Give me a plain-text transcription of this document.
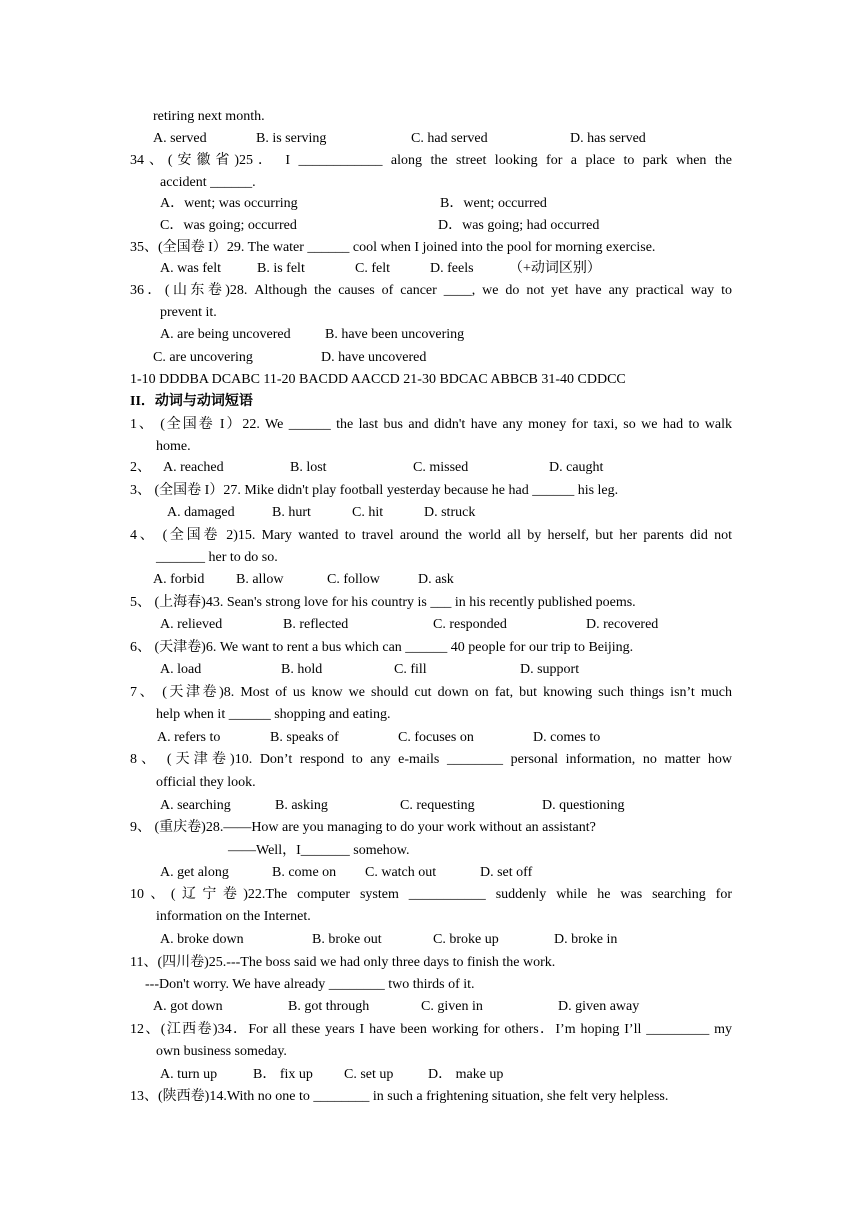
retiring next month.
A. served	B. is serving	C. had served	D. has served
34、(安徽省)25． I ____________ along the street looking for a place to park when the
accident ______.
A．went; was occurring	B．went; occurred
C．was going; occurred	D．was going; had occurred
35、(全国卷 I）29. The water ______ cool when I joined into the pool for morning exercise.
A. was felt	B. is felt	C. felt	D. feels	（+动词区别）
36．(山东卷)28. Although the causes of cancer ____, we do not yet have any practical way to
prevent it.
A. are being uncovered B. have been uncovering
C. are uncovering	D. have uncovered
1-10 DDDBA DCABC 11-20 BACDD AACCD 21-30 BDCAC ABBCB 31-40 CDDCC
II．动词与动词短语
1、 (全国卷 I）22. We ______ the last bus and didn't have any money for taxi, so we had to walk
home.
2、 A. reached	B. lost	C. missed	D. caught
3、 (全国卷 I）27. Mike didn't play football yesterday because he had ______ his leg.
A. damaged	B. hurt	C. hit	D. struck
4、 (全国卷 2)15. Mary wanted to travel around the world all by herself, but her parents did not
_______ her to do so.
A. forbid B. allow	C. follow	D. ask
5、 (上海春)43. Sean's strong love for his country is ___ in his recently published poems.
A. relieved	B. reflected	C. responded	D. recovered
6、 (天津卷)6. We want to rent a bus which can ______ 40 people for our trip to Beijing.
A. load	B. hold	C. fill	D. support
7、 (天津卷)8. Most of us know we should cut down on fat, but knowing such things isn’t much
help when it ______ shopping and eating.
A. refers to	B. speaks of	C. focuses on	D. comes to
8、 (天津卷)10. Don’t respond to any e-mails ________ personal information, no matter how
official they look.
A. searching	B. asking	C. requesting	D. questioning
9、 (重庆卷)28.——How are you managing to do your work without an assistant?
——Well，I_______ somehow.
A. get along	B. come on C. watch out	D. set off
10、(辽宁卷)22.The computer system ___________ suddenly while he was searching for
information on the Internet.
A. broke down	B. broke out	C. broke up	D. broke in
11、(四川卷)25.---The boss said we had only three days to finish the work.
---Don't worry. We have already ________ two thirds of it.
A. got down	B. got through	C. given in	D. given away
12、(江西卷)34．For all these years I have been working for others．I’m hoping I’ll _________ my
own business someday.
A. turn up	B． fix up C. set up D． make up
13、(陕西卷)14.With no one to ________ in such a frightening situation, she felt very helpless.
